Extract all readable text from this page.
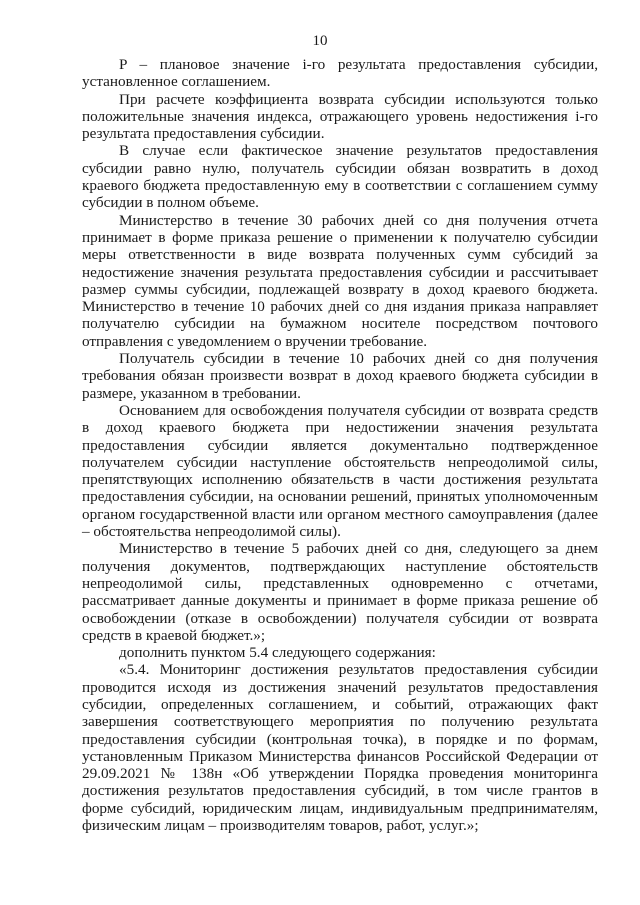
10

P – плановое значение i-го результата предоставления субсидии, установленное соглашением.

При расчете коэффициента возврата субсидии используются только положительные значения индекса, отражающего уровень недостижения i-го результата предоставления субсидии.

В случае если фактическое значение результатов предоставления субсидии равно нулю, получатель субсидии обязан возвратить в доход краевого бюджета предоставленную ему в соответствии с соглашением сумму субсидии в полном объеме.

Министерство в течение 30 рабочих дней со дня получения отчета принимает в форме приказа решение о применении к получателю субсидии меры ответственности в виде возврата полученных сумм субсидий за недостижение значения результата предоставления субсидии и рассчитывает размер суммы субсидии, подлежащей возврату в доход краевого бюджета. Министерство в течение 10 рабочих дней со дня издания приказа направляет получателю субсидии на бумажном носителе посредством почтового отправления с уведомлением о вручении требование.

Получатель субсидии в течение 10 рабочих дней со дня получения требования обязан произвести возврат в доход краевого бюджета субсидии в размере, указанном в требовании.

Основанием для освобождения получателя субсидии от возврата средств в доход краевого бюджета при недостижении значения результата предоставления субсидии является документально подтвержденное получателем субсидии наступление обстоятельств непреодолимой силы, препятствующих исполнению обязательств в части достижения результата предоставления субсидии, на основании решений, принятых уполномоченным органом государственной власти или органом местного самоуправления (далее – обстоятельства непреодолимой силы).

Министерство в течение 5 рабочих дней со дня, следующего за днем получения документов, подтверждающих наступление обстоятельств непреодолимой силы, представленных одновременно с отчетами, рассматривает данные документы и принимает в форме приказа решение об освобождении (отказе в освобождении) получателя субсидии от возврата средств в краевой бюджет.»;

дополнить пунктом 5.4 следующего содержания:

«5.4. Мониторинг достижения результатов предоставления субсидии проводится исходя из достижения значений результатов предоставления субсидии, определенных соглашением, и событий, отражающих факт завершения соответствующего мероприятия по получению результата предоставления субсидии (контрольная точка), в порядке и по формам, установленным Приказом Министерства финансов Российской Федерации от 29.09.2021 № 138н «Об утверждении Порядка проведения мониторинга достижения результатов предоставления субсидий, в том числе грантов в форме субсидий, юридическим лицам, индивидуальным предпринимателям, физическим лицам – производителям товаров, работ, услуг.»;
